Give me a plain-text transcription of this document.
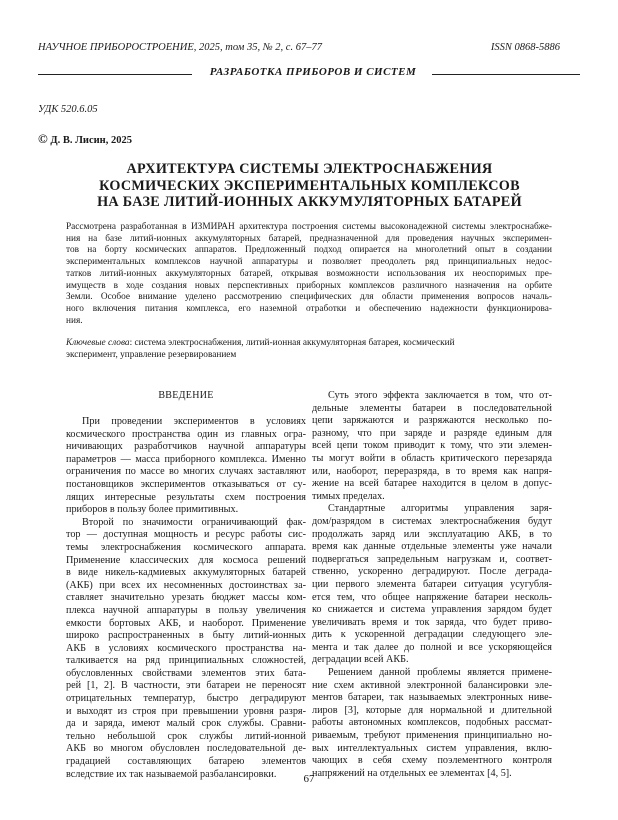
НАУЧНОЕ ПРИБОРОСТРОЕНИЕ, 2025, том 35, № 2, с. 67–77	ISSN 0868-5886
РАЗРАБОТКА ПРИБОРОВ И СИСТЕМ
УДК 520.6.05
© Д. В. Лисин, 2025
АРХИТЕКТУРА СИСТЕМЫ ЭЛЕКТРОСНАБЖЕНИЯ
КОСМИЧЕСКИХ ЭКСПЕРИМЕНТАЛЬНЫХ КОМПЛЕКСОВ
НА БАЗЕ ЛИТИЙ-ИОННЫХ АККУМУЛЯТОРНЫХ БАТАРЕЙ
Рассмотрена разработанная в ИЗМИРАН архитектура построения системы высоконадежной системы электроснабже-
ния на базе литий-ионных аккумуляторных батарей, предназначенной для проведения научных эксперимен-
тов на борту космических аппаратов. Предложенный подход опирается на многолетний опыт в создании
экспериментальных комплексов научной аппаратуры и позволяет преодолеть ряд принципиальных недос-
татков литий-ионных аккумуляторных батарей, открывая возможности использования их неоспоримых пре-
имуществ в ходе создания новых перспективных приборных комплексов различного назначения на орбите
Земли. Особое внимание уделено рассмотрению специфических для области применения вопросов началь-
ного включения питания комплекса, его наземной отработки и обеспечению надежности функционирова-
ния.
Ключевые слова: система электроснабжения, литий-ионная аккумуляторная батарея, космический
эксперимент, управление резервированием
ВВЕДЕНИЕ
При проведении экспериментов в условиях
космического пространства один из главных огра-
ничивающих разработчиков научной аппаратуры
параметров — масса приборного комплекса. Именно
ограничения по массе во многих случаях заставляют
постановщиков экспериментов отказываться от су-
лящих интересные результаты схем построения
приборов в пользу более примитивных.
Второй по значимости ограничивающий фак-
тор — доступная мощность и ресурс работы сис-
темы электроснабжения космического аппарата.
Применение классических для космоса решений
в виде никель-кадмиевых аккумуляторных батарей
(АКБ) при всех их несомненных достоинствах за-
ставляет значительно урезать бюджет массы ком-
плекса научной аппаратуры в пользу увеличения
емкости бортовых АКБ, и наоборот. Применение
широко распространенных в быту литий-ионных
АКБ в условиях космического пространства на-
талкивается на ряд принципиальных сложностей,
обусловленных свойствами элементов этих бата-
рей [1, 2]. В частности, эти батареи не переносят
отрицательных температур, быстро деградируют
и выходят из строя при превышении уровня разря-
да и заряда, имеют малый срок службы. Сравни-
тельно небольшой срок службы литий-ионной
АКБ во многом обусловлен последовательной де-
градацией составляющих батарею элементов
вследствие их так называемой разбалансировки.
Суть этого эффекта заключается в том, что от-
дельные элементы батареи в последовательной
цепи заряжаются и разряжаются несколько по-
разному, что при заряде и разряде единым для
всей цепи током приводит к тому, что эти элемен-
ты могут войти в область критического перезаряда
или, наоборот, переразряда, в то время как напря-
жение на всей батарее находится в целом в допус-
тимых пределах.
Стандартные алгоритмы управления заря-
дом/разрядом в системах электроснабжения будут
продолжать заряд или эксплуатацию АКБ, в то
время как данные отдельные элементы уже начали
подвергаться запредельным нагрузкам и, соответ-
ственно, ускоренно деградируют. После деграда-
ции первого элемента батареи ситуация усугубля-
ется тем, что общее напряжение батареи несколь-
ко снижается и система управления зарядом будет
увеличивать время и ток заряда, что будет приво-
дить к ускоренной деградации следующего эле-
мента и так далее до полной и все ускоряющейся
деградации всей АКБ.
Решением данной проблемы является примене-
ние схем активной электронной балансировки эле-
ментов батареи, так называемых электронных ниве-
лиров [3], которые для нормальной и длительной
работы автономных комплексов, подобных рассмат-
риваемым, требуют применения принципиально но-
вых интеллектуальных систем управления, вклю-
чающих в себя схему поэлементного контроля
напряжений на отдельных ее элементах [4, 5].
67
